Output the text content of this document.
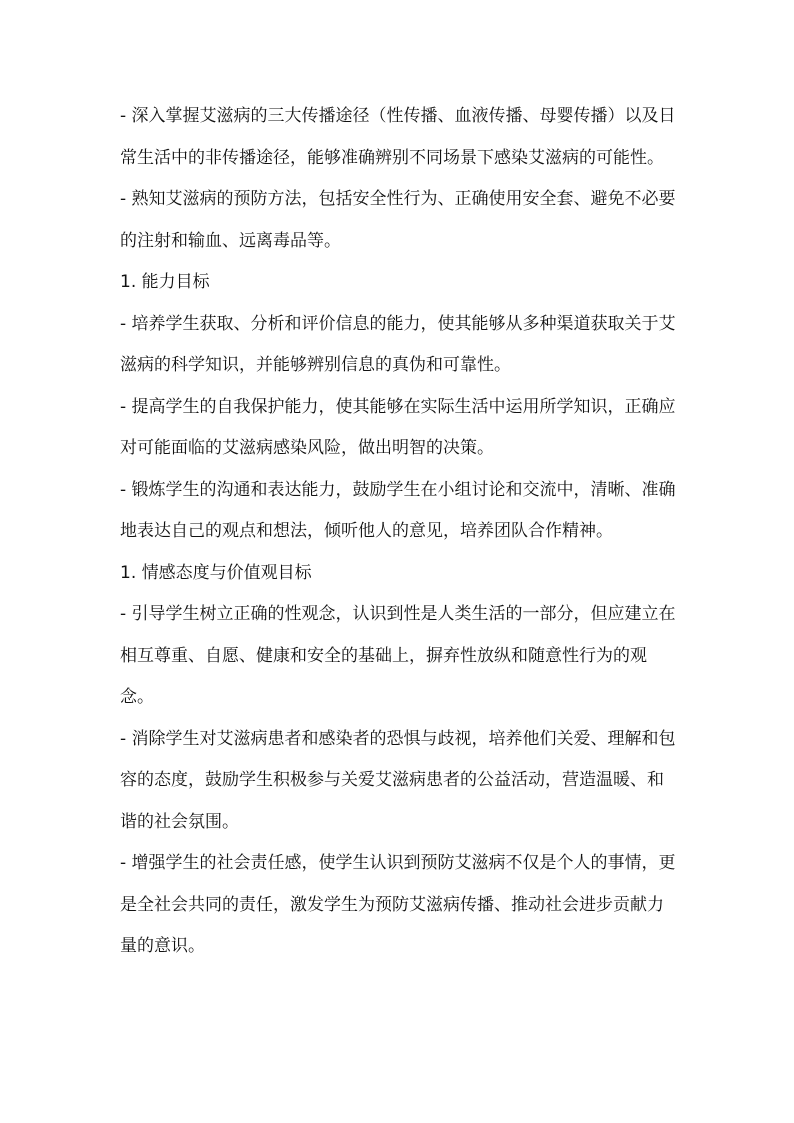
- 深入掌握艾滋病的三大传播途径（性传播、血液传播、母婴传播）以及日常生活中的非传播途径，能够准确辨别不同场景下感染艾滋病的可能性。

- 熟知艾滋病的预防方法，包括安全性行为、正确使用安全套、避免不必要的注射和输血、远离毒品等。

1. 能力目标

- 培养学生获取、分析和评价信息的能力，使其能够从多种渠道获取关于艾滋病的科学知识，并能够辨别信息的真伪和可靠性。

- 提高学生的自我保护能力，使其能够在实际生活中运用所学知识，正确应对可能面临的艾滋病感染风险，做出明智的决策。

- 锻炼学生的沟通和表达能力，鼓励学生在小组讨论和交流中，清晰、准确地表达自己的观点和想法，倾听他人的意见，培养团队合作精神。

1. 情感态度与价值观目标

- 引导学生树立正确的性观念，认识到性是人类生活的一部分，但应建立在相互尊重、自愿、健康和安全的基础上，摒弃性放纵和随意性行为的观念。

- 消除学生对艾滋病患者和感染者的恐惧与歧视，培养他们关爱、理解和包容的态度，鼓励学生积极参与关爱艾滋病患者的公益活动，营造温暖、和谐的社会氛围。

- 增强学生的社会责任感，使学生认识到预防艾滋病不仅是个人的事情，更是全社会共同的责任，激发学生为预防艾滋病传播、推动社会进步贡献力量的意识。
